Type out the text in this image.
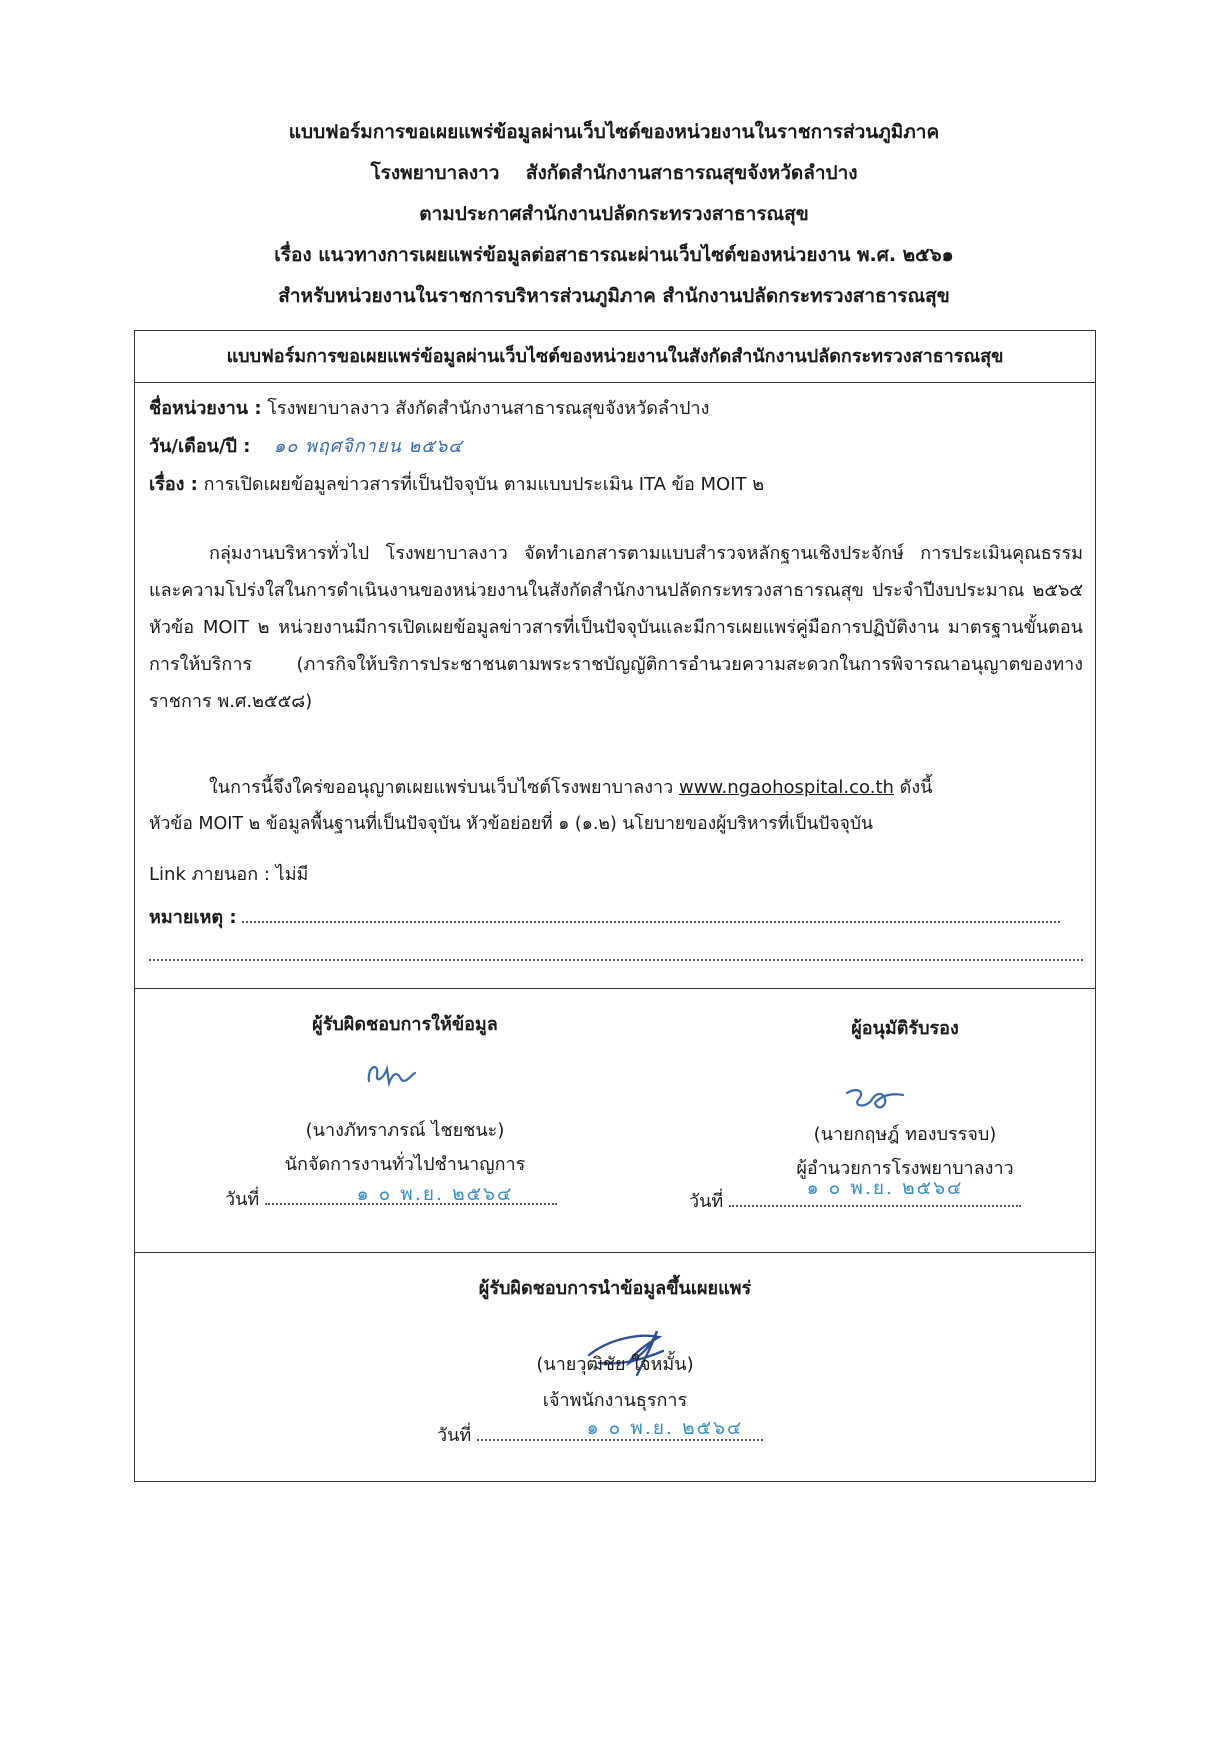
แบบฟอร์มการขอเผยแพร่ข้อมูลผ่านเว็บไซต์ของหน่วยงานในราชการส่วนภูมิภาค
โรงพยาบาลงาว    สังกัดสำนักงานสาธารณสุขจังหวัดลำปาง
ตามประกาศสำนักงานปลัดกระทรวงสาธารณสุข
เรื่อง แนวทางการเผยแพร่ข้อมูลต่อสาธารณะผ่านเว็บไซต์ของหน่วยงาน พ.ศ. ๒๕๖๑
สำหรับหน่วยงานในราชการบริหารส่วนภูมิภาค สำนักงานปลัดกระทรวงสาธารณสุข
แบบฟอร์มการขอเผยแพร่ข้อมูลผ่านเว็บไซต์ของหน่วยงานในสังกัดสำนักงานปลัดกระทรวงสาธารณสุข
ชื่อหน่วยงาน : โรงพยาบาลงาว สังกัดสำนักงานสาธารณสุขจังหวัดลำปาง
วัน/เดือน/ปี : ๑๐ พฤศจิกายน ๒๕๖๔
เรื่อง : การเปิดเผยข้อมูลข่าวสารที่เป็นปัจจุบัน ตามแบบประเมิน ITA ข้อ MOIT ๒

กลุ่มงานบริหารทั่วไป โรงพยาบาลงาว จัดทำเอกสารตามแบบสำรวจหลักฐานเชิงประจักษ์ การประเมินคุณธรรมและความโปร่งใสในการดำเนินงานของหน่วยงานในสังกัดสำนักงานปลัดกระทรวงสาธารณสุข ประจำปีงบประมาณ ๒๕๖๕ หัวข้อ MOIT ๒ หน่วยงานมีการเปิดเผยข้อมูลข่าวสารที่เป็นปัจจุบันและมีการเผยแพร่คู่มือการปฏิบัติงาน มาตรฐานขั้นตอนการให้บริการ (ภารกิจให้บริการประชาชนตามพระราชบัญญัติการอำนวยความสะดวกในการพิจารณาอนุญาตของทางราชการ พ.ศ.๒๕๕๘)

ในการนี้จึงใคร่ขออนุญาตเผยแพร่บนเว็บไซต์โรงพยาบาลงาว www.ngaohospital.co.th ดังนี้

หัวข้อ MOIT ๒ ข้อมูลพื้นฐานที่เป็นปัจจุบัน หัวข้อย่อยที่ ๑ (๑.๒) นโยบายของผู้บริหารที่เป็นปัจจุบัน

Link ภายนอก : ไม่มี
หมายเหตุ :
ผู้รับผิดชอบการให้ข้อมูล
(นางภัทราภรณ์ ไชยชนะ)
นักจัดการงานทั่วไปชำนาญการ
วันที่	๑ ๐ พ.ย. ๒๕๖๔
ผู้อนุมัติรับรอง
(นายกฤษฎ์ ทองบรรจบ)
ผู้อำนวยการโรงพยาบาลงาว
วันที่
๑ ๐ พ.ย. ๒๕๖๔
ผู้รับผิดชอบการนำข้อมูลขึ้นเผยแพร่
(นายวุฒิชัย ใจหมั้น)
เจ้าพนักงานธุรการ
วันที่	๑ ๐ พ.ย. ๒๕๖๔
